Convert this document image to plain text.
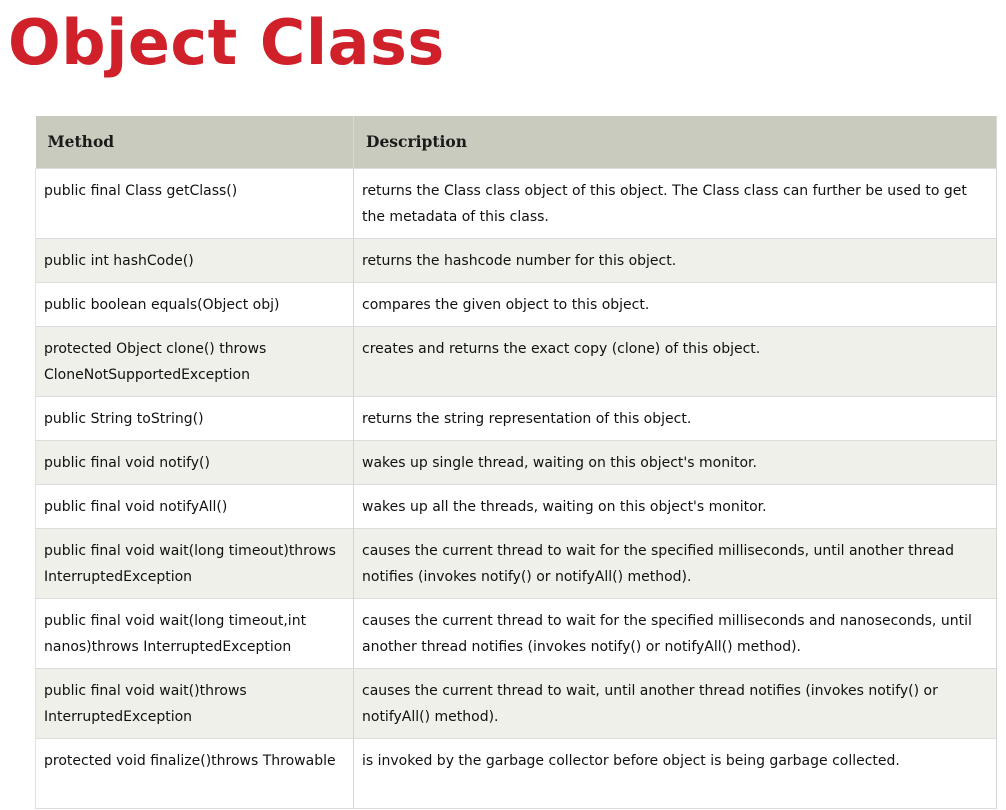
Object Class
Method	Description
public final Class getClass()	returns the Class class object of this object. The Class class can further be used to get the metadata of this class.
public int hashCode()	returns the hashcode number for this object.
public boolean equals(Object obj)	compares the given object to this object.
protected Object clone() throws CloneNotSupportedException	creates and returns the exact copy (clone) of this object.
public String toString()	returns the string representation of this object.
public final void notify()	wakes up single thread, waiting on this object's monitor.
public final void notifyAll()	wakes up all the threads, waiting on this object's monitor.
public final void wait(long timeout)throws InterruptedException	causes the current thread to wait for the specified milliseconds, until another thread notifies (invokes notify() or notifyAll() method).
public final void wait(long timeout,int nanos)throws InterruptedException	causes the current thread to wait for the specified milliseconds and nanoseconds, until another thread notifies (invokes notify() or notifyAll() method).
public final void wait()throws InterruptedException	causes the current thread to wait, until another thread notifies (invokes notify() or notifyAll() method).
protected void finalize()throws Throwable	is invoked by the garbage collector before object is being garbage collected.
